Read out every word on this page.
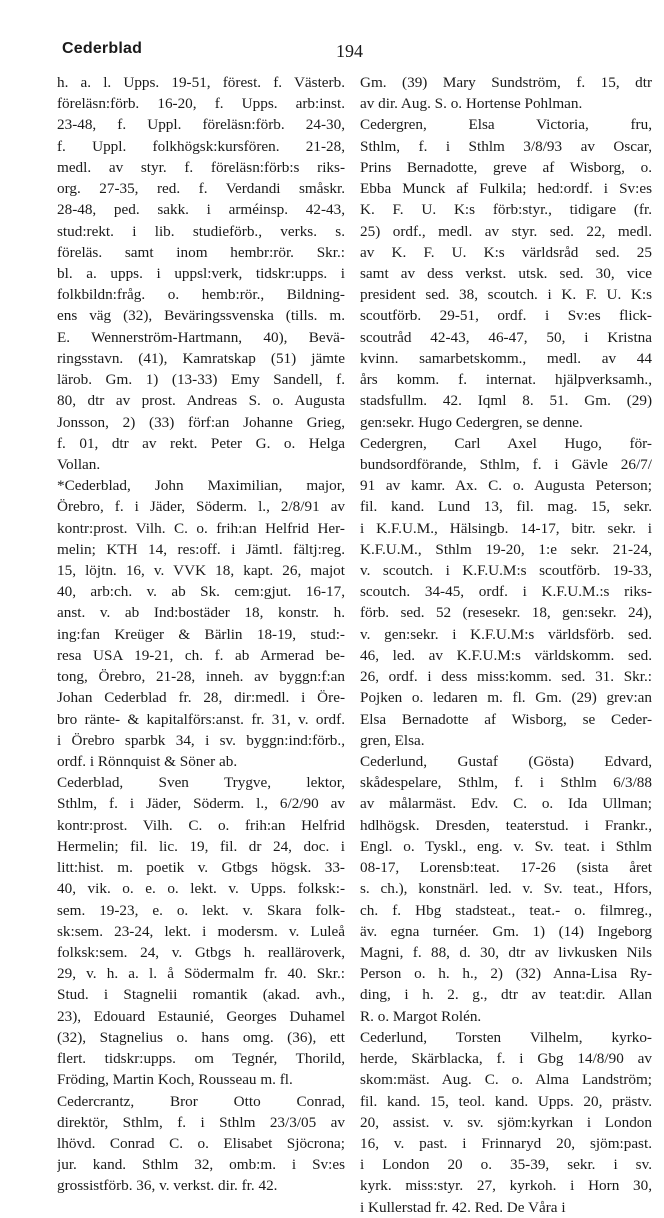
Cederblad	194
h. a. l. Upps. 19-51, förest. f. Västerb.
föreläsn:förb. 16-20, f. Upps. arb:inst.
23-48, f. Uppl. föreläsn:förb. 24-30,
f. Uppl. folkhögsk:kursfören. 21-28,
medl. av styr. f. föreläsn:förb:s riks-
org. 27-35, red. f. Verdandi småskr.
28-48, ped. sakk. i arméinsp. 42-43,
stud:rekt. i lib. studieförb., verks. s.
föreläs. samt inom hembr:rör. Skr.:
bl. a. upps. i uppsl:verk, tidskr:upps. i
folkbildn:fråg. o. hemb:rör., Bildning-
ens väg (32), Beväringssvenska (tills. m.
E. Wennerström-Hartmann, 40), Bevä-
ringsstavn. (41), Kamratskap (51) jämte
lärob. Gm. 1) (13-33) Emy Sandell, f.
80, dtr av prost. Andreas S. o. Augusta
Jonsson, 2) (33) förf:an Johanne Grieg,
f. 01, dtr av rekt. Peter G. o. Helga
Vollan.
*Cederblad, John Maximilian, major,
Örebro, f. i Jäder, Söderm. l., 2/8/91 av
kontr:prost. Vilh. C. o. frih:an Helfrid Her-
melin; KTH 14, res:off. i Jämtl. fältj:reg.
15, löjtn. 16, v. VVK 18, kapt. 26, majot
40, arb:ch. v. ab Sk. cem:gjut. 16-17,
anst. v. ab Ind:bostäder 18, konstr. h.
ing:fan Kreüger & Bärlin 18-19, stud:-
resa USA 19-21, ch. f. ab Armerad be-
tong, Örebro, 21-28, inneh. av byggn:f:an
Johan Cederblad fr. 28, dir:medl. i Öre-
bro ränte- & kapitalförs:anst. fr. 31, v. ordf.
i Örebro sparbk 34, i sv. byggn:ind:förb.,
ordf. i Rönnquist & Söner ab.
Cederblad, Sven Trygve, lektor,
Sthlm, f. i Jäder, Söderm. l., 6/2/90 av
kontr:prost. Vilh. C. o. frih:an Helfrid
Hermelin; fil. lic. 19, fil. dr 24, doc. i
litt:hist. m. poetik v. Gtbgs högsk. 33-
40, vik. o. e. o. lekt. v. Upps. folksk:-
sem. 19-23, e. o. lekt. v. Skara folk-
sk:sem. 23-24, lekt. i modersm. v. Luleå
folksk:sem. 24, v. Gtbgs h. realläroverk,
29, v. h. a. l. å Södermalm fr. 40. Skr.:
Stud. i Stagnelii romantik (akad. avh.,
23), Edouard Estaunié, Georges Duhamel
(32), Stagnelius o. hans omg. (36), ett
flert. tidskr:upps. om Tegnér, Thorild,
Fröding, Martin Koch, Rousseau m. fl.
Cedercrantz, Bror Otto Conrad,
direktör, Sthlm, f. i Sthlm 23/3/05 av
lhövd. Conrad C. o. Elisabet Sjöcrona;
jur. kand. Sthlm 32, omb:m. i Sv:es
grossistförb. 36, v. verkst. dir. fr. 42.
Gm. (39) Mary Sundström, f. 15, dtr
av dir. Aug. S. o. Hortense Pohlman.
Cedergren, Elsa Victoria, fru,
Sthlm, f. i Sthlm 3/8/93 av Oscar,
Prins Bernadotte, greve af Wisborg, o.
Ebba Munck af Fulkila; hed:ordf. i Sv:es
K. F. U. K:s förb:styr., tidigare (fr.
25) ordf., medl. av styr. sed. 22, medl.
av K. F. U. K:s världsråd sed. 25
samt av dess verkst. utsk. sed. 30, vice
president sed. 38, scoutch. i K. F. U. K:s
scoutförb. 29-51, ordf. i Sv:es flick-
scoutråd 42-43, 46-47, 50, i Kristna
kvinn. samarbetskomm., medl. av 44
års komm. f. internat. hjälpverksamh.,
stadsfullm. 42. Iqml 8. 51. Gm. (29)
gen:sekr. Hugo Cedergren, se denne.
Cedergren, Carl Axel Hugo, för-
bundsordförande, Sthlm, f. i Gävle 26/7/
91 av kamr. Ax. C. o. Augusta Peterson;
fil. kand. Lund 13, fil. mag. 15, sekr.
i K.F.U.M., Hälsingb. 14-17, bitr. sekr. i
K.F.U.M., Sthlm 19-20, 1:e sekr. 21-24,
v. scoutch. i K.F.U.M:s scoutförb. 19-33,
scoutch. 34-45, ordf. i K.F.U.M.:s riks-
förb. sed. 52 (resesekr. 18, gen:sekr. 24),
v. gen:sekr. i K.F.U.M:s världsförb. sed.
46, led. av K.F.U.M:s världskomm. sed.
26, ordf. i dess miss:komm. sed. 31. Skr.:
Pojken o. ledaren m. fl. Gm. (29) grev:an
Elsa Bernadotte af Wisborg, se Ceder-
gren, Elsa.
Cederlund, Gustaf (Gösta) Edvard,
skådespelare, Sthlm, f. i Sthlm 6/3/88
av målarmäst. Edv. C. o. Ida Ullman;
hdlhögsk. Dresden, teaterstud. i Frankr.,
Engl. o. Tyskl., eng. v. Sv. teat. i Sthlm
08-17, Lorensb:teat. 17-26 (sista året
s. ch.), konstnärl. led. v. Sv. teat., Hfors,
ch. f. Hbg stadsteat., teat.- o. filmreg.,
äv. egna turnéer. Gm. 1) (14) Ingeborg
Magni, f. 88, d. 30, dtr av livkusken Nils
Person o. h. h., 2) (32) Anna-Lisa Ry-
ding, i h. 2. g., dtr av teat:dir. Allan
R. o. Margot Rolén.
Cederlund, Torsten Vilhelm, kyrko-
herde, Skärblacka, f. i Gbg 14/8/90 av
skom:mäst. Aug. C. o. Alma Landström;
fil. kand. 15, teol. kand. Upps. 20, prästv.
20, assist. v. sv. sjöm:kyrkan i London
16, v. past. i Frinnaryd 20, sjöm:past.
i London 20 o. 35-39, sekr. i sv.
kyrk. miss:styr. 27, kyrkoh. i Horn 30,
i Kullerstad fr. 42. Red. De Våra i
